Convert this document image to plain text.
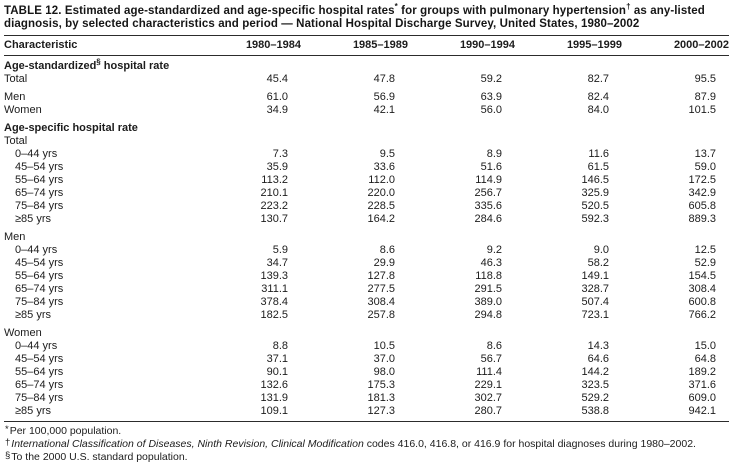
TABLE 12. Estimated age-standardized and age-specific hospital rates* for groups with pulmonary hypertension† as any-listed diagnosis, by selected characteristics and period — National Hospital Discharge Survey, United States, 1980–2002
Characteristic	1980–1984	1985–1989	1990–1994	1995–1999	2000–2002
Age-standardized§ hospital rate					
Total	45.4	47.8	59.2	82.7	95.5
Men	61.0	56.9	63.9	82.4	87.9
Women	34.9	42.1	56.0	84.0	101.5
Age-specific hospital rate					
Total					
0–44 yrs	7.3	9.5	8.9	11.6	13.7
45–54 yrs	35.9	33.6	51.6	61.5	59.0
55–64 yrs	113.2	112.0	114.9	146.5	172.5
65–74 yrs	210.1	220.0	256.7	325.9	342.9
75–84 yrs	223.2	228.5	335.6	520.5	605.8
≥85 yrs	130.7	164.2	284.6	592.3	889.3
Men					
0–44 yrs	5.9	8.6	9.2	9.0	12.5
45–54 yrs	34.7	29.9	46.3	58.2	52.9
55–64 yrs	139.3	127.8	118.8	149.1	154.5
65–74 yrs	311.1	277.5	291.5	328.7	308.4
75–84 yrs	378.4	308.4	389.0	507.4	600.8
≥85 yrs	182.5	257.8	294.8	723.1	766.2
Women					
0–44 yrs	8.8	10.5	8.6	14.3	15.0
45–54 yrs	37.1	37.0	56.7	64.6	64.8
55–64 yrs	90.1	98.0	111.4	144.2	189.2
65–74 yrs	132.6	175.3	229.1	323.5	371.6
75–84 yrs	131.9	181.3	302.7	529.2	609.0
≥85 yrs	109.1	127.3	280.7	538.8	942.1
*Per 100,000 population.
†International Classification of Diseases, Ninth Revision, Clinical Modification codes 416.0, 416.8, or 416.9 for hospital diagnoses during 1980–2002.
§To the 2000 U.S. standard population.
